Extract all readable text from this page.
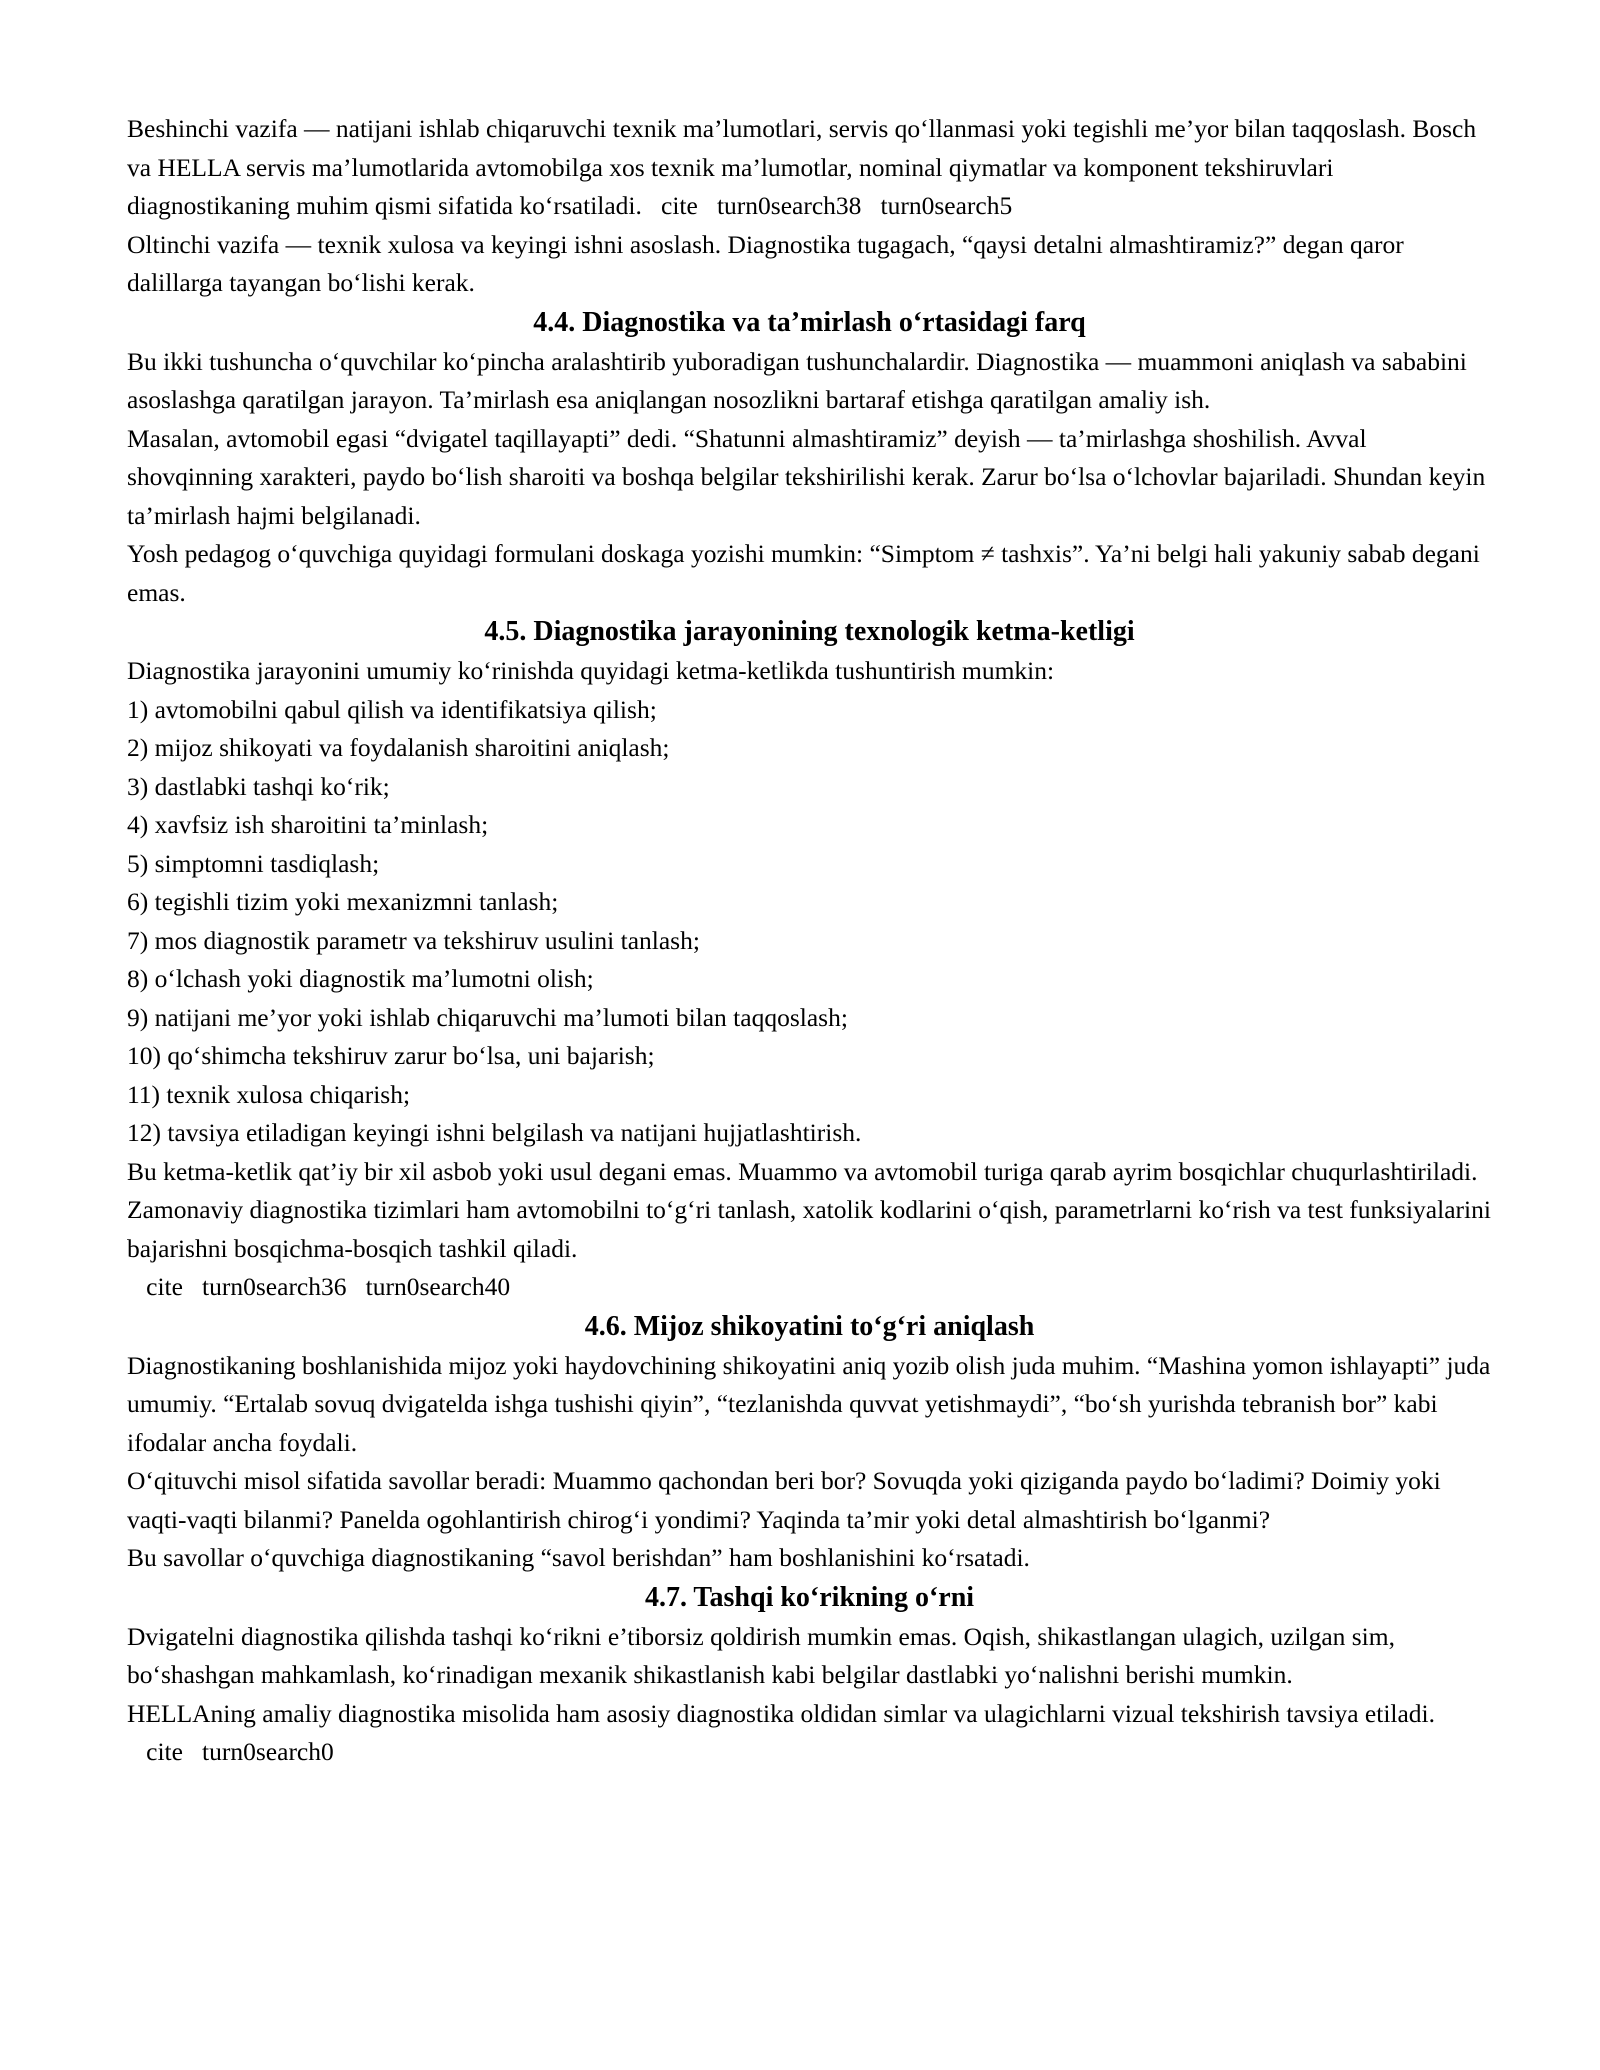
Beshinchi vazifa — natijani ishlab chiqaruvchi texnik ma’lumotlari, servis qo‘llanmasi yoki tegishli me’yor bilan taqqoslash. Bosch va HELLA servis ma’lumotlarida avtomobilga xos texnik ma’lumotlar, nominal qiymatlar va komponent tekshiruvlari diagnostikaning muhim qismi sifatida ko‘rsatiladi.   cite   turn0search38   turn0search5

Oltinchi vazifa — texnik xulosa va keyingi ishni asoslash. Diagnostika tugagach, “qaysi detalni almashtiramiz?” degan qaror dalillarga tayangan bo‘lishi kerak.

4.4. Diagnostika va ta’mirlash o‘rtasidagi farq

Bu ikki tushuncha o‘quvchilar ko‘pincha aralashtirib yuboradigan tushunchalardir. Diagnostika — muammoni aniqlash va sababini asoslashga qaratilgan jarayon. Ta’mirlash esa aniqlangan nosozlikni bartaraf etishga qaratilgan amaliy ish.

Masalan, avtomobil egasi “dvigatel taqillayapti” dedi. “Shatunni almashtiramiz” deyish — ta’mirlashga shoshilish. Avval shovqinning xarakteri, paydo bo‘lish sharoiti va boshqa belgilar tekshirilishi kerak. Zarur bo‘lsa o‘lchovlar bajariladi. Shundan keyin ta’mirlash hajmi belgilanadi.

Yosh pedagog o‘quvchiga quyidagi formulani doskaga yozishi mumkin: “Simptom ≠ tashxis”. Ya’ni belgi hali yakuniy sabab degani emas.

4.5. Diagnostika jarayonining texnologik ketma-ketligi

Diagnostika jarayonini umumiy ko‘rinishda quyidagi ketma-ketlikda tushuntirish mumkin:

1) avtomobilni qabul qilish va identifikatsiya qilish;
2) mijoz shikoyati va foydalanish sharoitini aniqlash;
3) dastlabki tashqi ko‘rik;
4) xavfsiz ish sharoitini ta’minlash;
5) simptomni tasdiqlash;
6) tegishli tizim yoki mexanizmni tanlash;
7) mos diagnostik parametr va tekshiruv usulini tanlash;
8) o‘lchash yoki diagnostik ma’lumotni olish;
9) natijani me’yor yoki ishlab chiqaruvchi ma’lumoti bilan taqqoslash;
10) qo‘shimcha tekshiruv zarur bo‘lsa, uni bajarish;
11) texnik xulosa chiqarish;
12) tavsiya etiladigan keyingi ishni belgilash va natijani hujjatlashtirish.

Bu ketma-ketlik qat’iy bir xil asbob yoki usul degani emas. Muammo va avtomobil turiga qarab ayrim bosqichlar chuqurlashtiriladi. Zamonaviy diagnostika tizimlari ham avtomobilni to‘g‘ri tanlash, xatolik kodlarini o‘qish, parametrlarni ko‘rish va test funksiyalarini bajarishni bosqichma-bosqich tashkil qiladi.

cite   turn0search36   turn0search40

4.6. Mijoz shikoyatini to‘g‘ri aniqlash

Diagnostikaning boshlanishida mijoz yoki haydovchining shikoyatini aniq yozib olish juda muhim. “Mashina yomon ishlayapti” juda umumiy. “Ertalab sovuq dvigatelda ishga tushishi qiyin”, “tezlanishda quvvat yetishmaydi”, “bo‘sh yurishda tebranish bor” kabi ifodalar ancha foydali.

O‘qituvchi misol sifatida savollar beradi: Muammo qachondan beri bor? Sovuqda yoki qiziganda paydo bo‘ladimi? Doimiy yoki vaqti-vaqti bilanmi? Panelda ogohlantirish chirog‘i yondimi? Yaqinda ta’mir yoki detal almashtirish bo‘lganmi?

Bu savollar o‘quvchiga diagnostikaning “savol berishdan” ham boshlanishini ko‘rsatadi.

4.7. Tashqi ko‘rikning o‘rni

Dvigatelni diagnostika qilishda tashqi ko‘rikni e’tiborsiz qoldirish mumkin emas. Oqish, shikastlangan ulagich, uzilgan sim, bo‘shashgan mahkamlash, ko‘rinadigan mexanik shikastlanish kabi belgilar dastlabki yo‘nalishni berishi mumkin.

HELLAning amaliy diagnostika misolida ham asosiy diagnostika oldidan simlar va ulagichlarni vizual tekshirish tavsiya etiladi.   cite   turn0search0
